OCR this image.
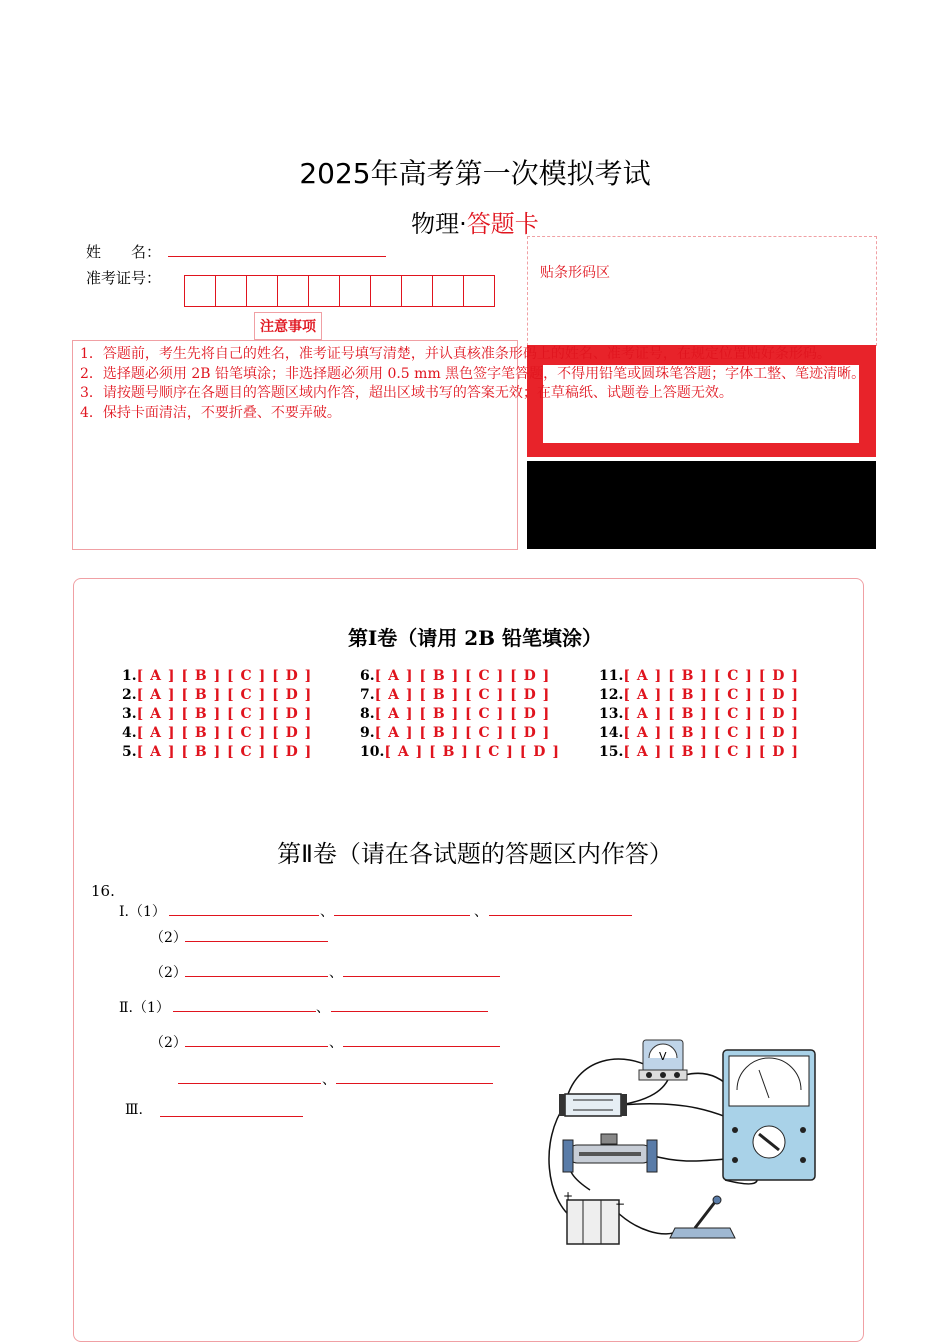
2025年高考第一次模拟考试
物理·答题卡
姓　　名：
准考证号：	贴条形码区
注意事项
1．答题前，考生先将自己的姓名，准考证号填写清楚，并认真核准条形码上的姓名、准考证号，在规定位置贴好条形码。
2．选择题必须用 2B 铅笔填涂；非选择题必须用 0.5 mm 黑色签字笔答题，不得用铅笔或圆珠笔答题；字体工整、笔迹清晰。
3．请按题号顺序在各题目的答题区域内作答，超出区域书写的答案无效；在草稿纸、试题卷上答题无效。
4．保持卡面清洁，不要折叠、不要弄破。
第Ⅰ卷（请用 2B 铅笔填涂）
1.[ A ] [ B ] [ C ] [ D ]
2.[ A ] [ B ] [ C ] [ D ]
3.[ A ] [ B ] [ C ] [ D ]
4.[ A ] [ B ] [ C ] [ D ]
5.[ A ] [ B ] [ C ] [ D ]
6.[ A ] [ B ] [ C ] [ D ]
7.[ A ] [ B ] [ C ] [ D ]
8.[ A ] [ B ] [ C ] [ D ]
9.[ A ] [ B ] [ C ] [ D ]
10.[ A ] [ B ] [ C ] [ D ]
11.[ A ] [ B ] [ C ] [ D ]
12.[ A ] [ B ] [ C ] [ D ]
13.[ A ] [ B ] [ C ] [ D ]
14.[ A ] [ B ] [ C ] [ D ]
15.[ A ] [ B ] [ C ] [ D ]
第Ⅱ卷（请在各试题的答题区内作答）
16.
Ⅰ.（1）	、	、
（2）
（2）	、
Ⅱ.（1）	、
（2）	、
、
Ⅲ.
V
+
−
